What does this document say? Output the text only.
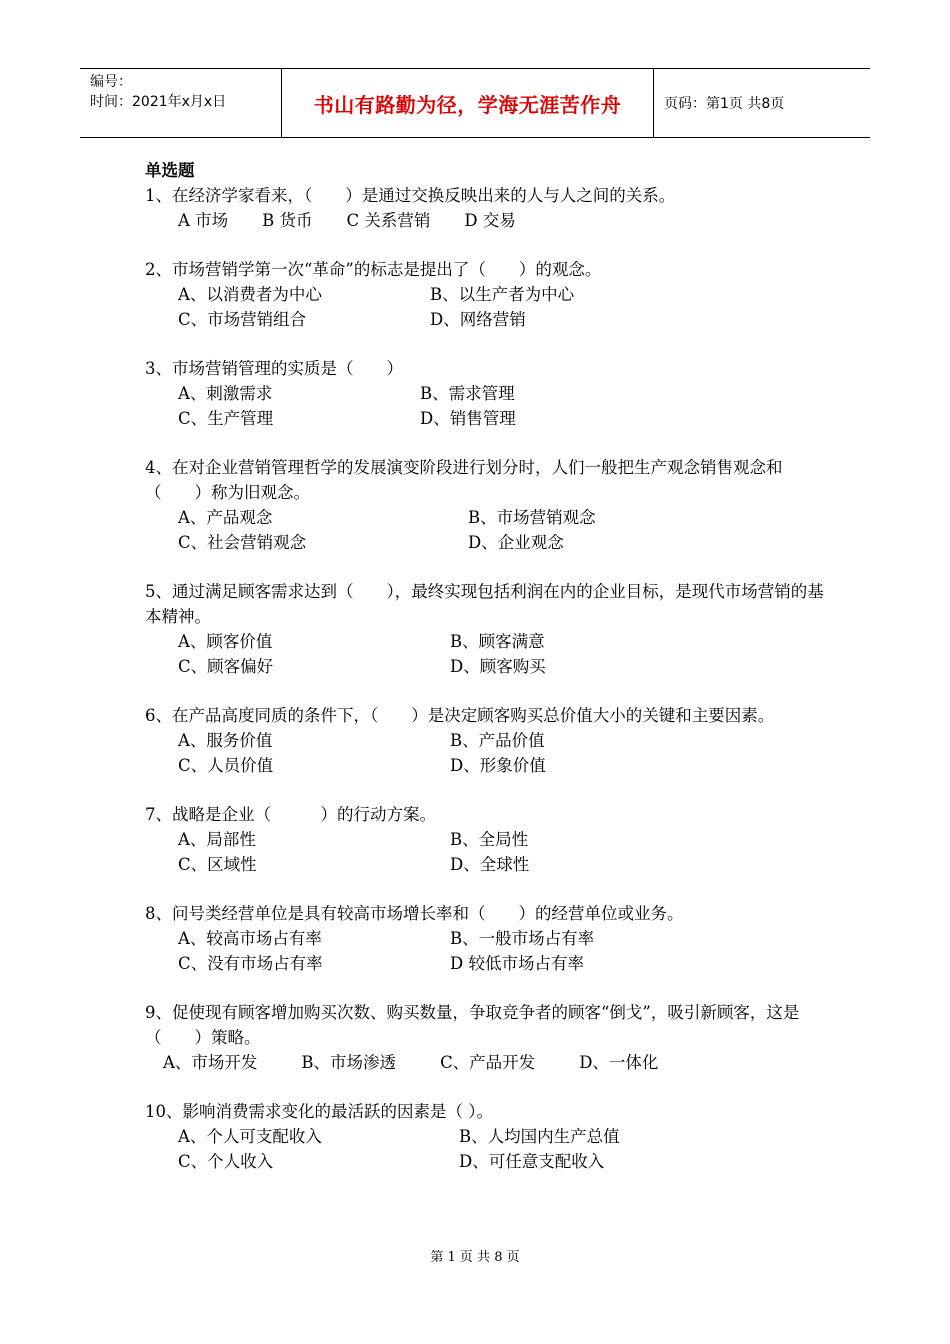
编号：
时间：2021年x月x日	书山有路勤为径，学海无涯苦作舟	页码：第1页 共8页
单选题
1、在经济学家看来，（　　）是通过交换反映出来的人与人之间的关系。
A 市场 B 货币 C 关系营销 D 交易
2、市场营销学第一次“革命”的标志是提出了（　　）的观念。
A、以消费者为中心	B、以生产者为中心
C、市场营销组合	D、网络营销
3、市场营销管理的实质是（　　）
A、刺激需求	B、需求管理
C、生产管理	D、销售管理
4、在对企业营销管理哲学的发展演变阶段进行划分时，人们一般把生产观念销售观念和（　　）称为旧观念。
A、产品观念	B、市场营销观念
C、社会营销观念	D、企业观念
5、通过满足顾客需求达到（　　），最终实现包括利润在内的企业目标，是现代市场营销的基本精神。
A、顾客价值	B、顾客满意
C、顾客偏好	D、顾客购买
6、在产品高度同质的条件下，（　　）是决定顾客购买总价值大小的关键和主要因素。
A、服务价值	B、产品价值
C、人员价值	D、形象价值
7、战略是企业（　　　）的行动方案。
A、局部性	B、全局性
C、区域性	D、全球性
8、问号类经营单位是具有较高市场增长率和（　　）的经营单位或业务。
A、较高市场占有率	B、一般市场占有率
C、没有市场占有率	D 较低市场占有率
9、促使现有顾客增加购买次数、购买数量，争取竞争者的顾客“倒戈”，吸引新顾客，这是（　　）策略。
A、市场开发	B、市场渗透	C、产品开发	D、一体化
10、影响消费需求变化的最活跃的因素是（ ）。
A、个人可支配收入	B、人均国内生产总值
C、个人收入	D、可任意支配收入
第 1 页 共 8 页
